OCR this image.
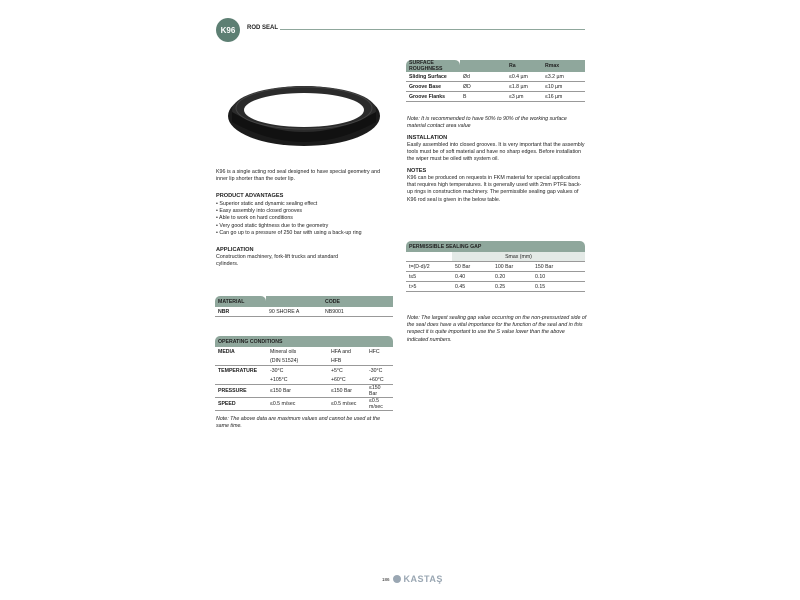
K96	ROD SEAL
K96 is a single acting rod seal designed to have special geometry and inner lip shorter than the outer lip.
PRODUCT ADVANTAGES
• Superior static and dynamic sealing effect
• Easy assembly into closed grooves
• Able to work on hard conditions
• Very good static tightness due to the geometry
• Can go up to a pressure of 250 bar with using a back-up ring
APPLICATION
Construction machinery, fork-lift trucks and standard cylinders.
MATERIAL		CODE
NBR	90 SHORE A	NB9001
OPERATING CONDITIONS			
MEDIA	Mineral oils	HFA and	HFC
	(DIN 51524)	HFB	
TEMPERATURE	-30°C	+5°C	-30°C
	+105°C	+60°C	+60°C
PRESSURE	≤150 Bar	≤150 Bar	≤150 Bar
SPEED	≤0.5 m/sec	≤0.5 m/sec	≤0.5 m/sec
Note: The above data are maximum values and cannot be used at the same time.
SURFACE ROUGHNESS		Ra	Rmax
Sliding Surface	Ød	≤0.4 µm	≤3.2 µm
Groove Base	ØD	≤1.8 µm	≤10 µm
Groove Flanks	B	≤3 µm	≤16 µm
Note: It is recommended to have 50% to 90% of the working surface material contact area value
INSTALLATION
Easily assembled into closed grooves. It is very important that the assembly tools must be of soft material and have no sharp edges. Before installation the wiper must be oiled with system oil.
NOTES
K96 can be produced on requests in FKM material for special applications that requires high temperatures. It is generally used with 2mm PTFE back-up rings in construction machinery. The permissible sealing gap values of K96 rod seal is given in the below table.
PERMISSIBLE SEALING GAP			
	Smax (mm)		
t=(D-d)/2	50 Bar	100 Bar	150 Bar
t≤5	0.40	0.20	0.10
t>5	0.45	0.25	0.15
Note: The largest sealing gap value occurring on the non-pressurized side of the seal does have a vital importance for the function of the seal and in this respect it is quite important to use the S value lower than the above indicated numbers.
186 KASTAŞ
